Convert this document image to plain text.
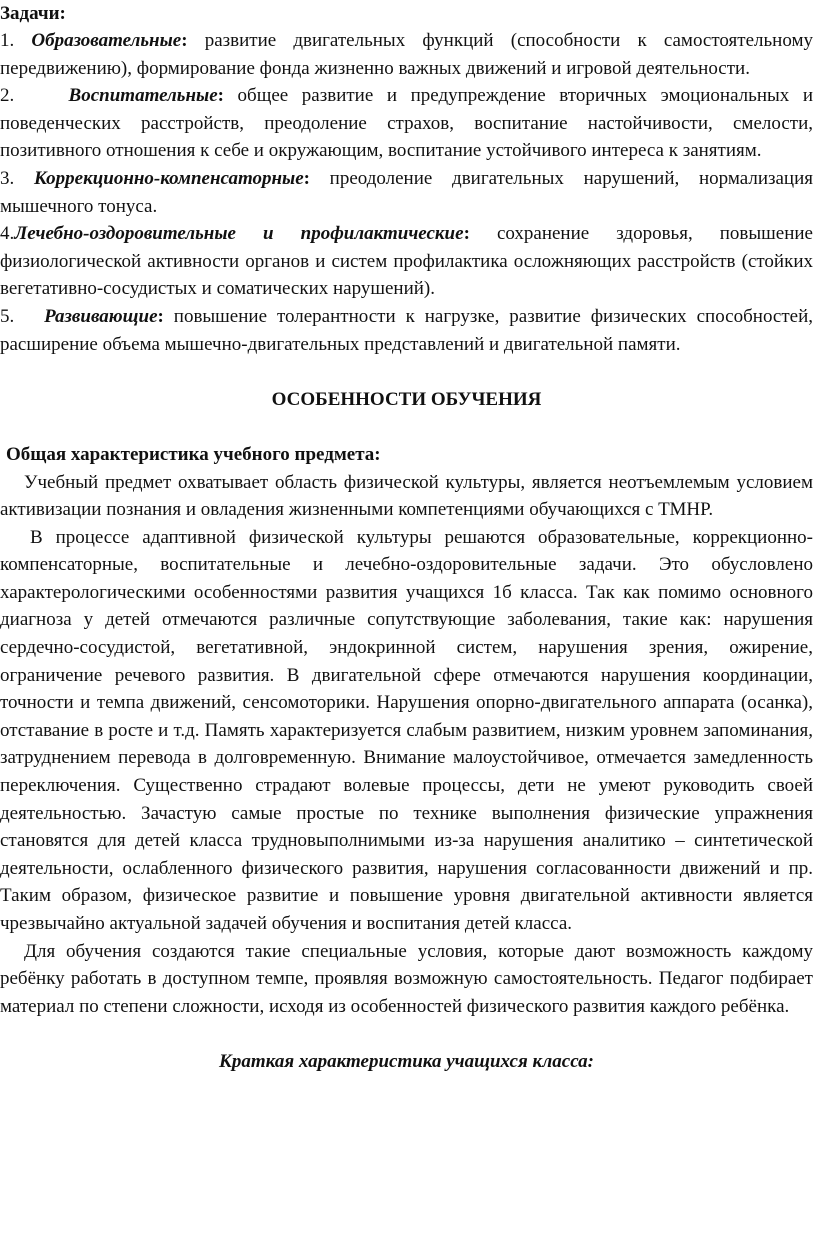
Задачи:
1. Образовательные: развитие двигательных функций (способности к самостоятельному передвижению), формирование фонда жизненно важных движений и игровой деятельности.
2.	Воспитательные: общее развитие и предупреждение вторичных эмоциональных и поведенческих расстройств, преодоление страхов, воспитание настойчивости, смелости, позитивного отношения к себе и окружающим, воспитание устойчивого интереса к занятиям.
3. Коррекционно-компенсаторные: преодоление двигательных нарушений, нормализация мышечного тонуса.
4.Лечебно-оздоровительные и профилактические: сохранение здоровья, повышение физиологической активности органов и систем профилактика осложняющих расстройств (стойких вегетативно-сосудистых и соматических нарушений).
5. Развивающие: повышение толерантности к нагрузке, развитие физических способностей, расширение объема мышечно-двигательных представлений и двигательной памяти.
ОСОБЕННОСТИ ОБУЧЕНИЯ
Общая характеристика учебного предмета:
Учебный предмет охватывает область физической культуры, является неотъемлемым условием активизации познания и овладения жизненными компетенциями обучающихся с ТМНР.
В процессе адаптивной физической культуры решаются образовательные, коррекционно-компенсаторные, воспитательные и лечебно-оздоровительные задачи. Это обусловлено характерологическими особенностями развития учащихся 1б класса. Так как помимо основного диагноза у детей отмечаются различные сопутствующие заболевания, такие как: нарушения сердечно-сосудистой, вегетативной, эндокринной систем, нарушения зрения, ожирение, ограничение речевого развития. В двигательной сфере отмечаются нарушения координации, точности и темпа движений, сенсомоторики. Нарушения опорно-двигательного аппарата (осанка), отставание в росте и т.д. Память характеризуется слабым развитием, низким уровнем запоминания, затруднением перевода в долговременную. Внимание малоустойчивое, отмечается замедленность переключения. Существенно страдают волевые процессы, дети не умеют руководить своей деятельностью. Зачастую самые простые по технике выполнения физические упражнения становятся для детей класса трудновыполнимыми из-за нарушения аналитико – синтетической деятельности, ослабленного физического развития, нарушения согласованности движений и пр. Таким образом, физическое развитие и повышение уровня двигательной активности является чрезвычайно актуальной задачей обучения и воспитания детей класса.
Для обучения создаются такие специальные условия, которые дают возможность каждому ребёнку работать в доступном темпе, проявляя возможную самостоятельность. Педагог подбирает материал по степени сложности, исходя из особенностей физического развития каждого ребёнка.
Краткая характеристика учащихся класса:
